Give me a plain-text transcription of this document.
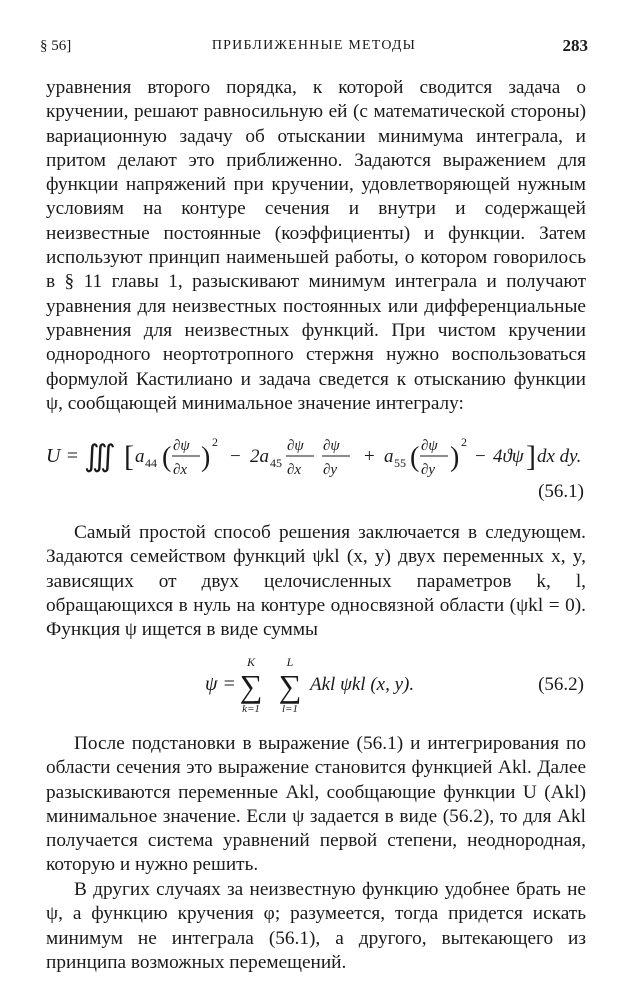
§ 56]	ПРИБЛИЖЕННЫЕ МЕТОДЫ	283

уравнения второго порядка, к которой сводится задача о кручении, решают равносильную ей (с математической стороны) вариационную задачу об отыскании минимума интеграла, и притом делают это приближенно. Задаются выражением для функции напряжений при кручении, удовлетворяющей нужным условиям на контуре сечения и внутри и содержащей неизвестные постоянные (коэффициенты) и функции. Затем используют принцип наименьшей работы, о котором говорилось в § 11 главы 1, разыскивают минимум интеграла и получают уравнения для неизвестных постоянных или дифференциальные уравнения для неизвестных функций. При чистом кручении однородного неортотропного стержня нужно воспользоваться формулой Кастилиано и задача сведется к отысканию функции ψ, сообщающей минимальное значение интегралу:

U = ∭ [ a 44 ( ∂ψ
∂x ) 2
− 2a 45
∂ψ
∂x
∂ψ
∂y
+ a 55 ( ∂ψ
∂y ) 2
− 4ϑψ ] dx dy.
(56.1)

Самый простой способ решения заключается в следующем. Задаются семейством функций ψkl (x, y) двух переменных x, y, зависящих от двух целочисленных параметров k, l, обращающихся в нуль на контуре односвязной области (ψkl = 0). Функция ψ ищется в виде суммы

ψ =
K
∑
k=1
L
∑
l=1
Akl ψkl (x, y).	(56.2)

После подстановки в выражение (56.1) и интегрирования по области сечения это выражение становится функцией Akl. Далее разыскиваются переменные Akl, сообщающие функции U (Akl) минимальное значение. Если ψ задается в виде (56.2), то для Akl получается система уравнений первой степени, неоднородная, которую и нужно решить.

В других случаях за неизвестную функцию удобнее брать не ψ, а функцию кручения φ; разумеется, тогда придется искать минимум не интеграла (56.1), а другого, вытекающего из принципа возможных перемещений.
